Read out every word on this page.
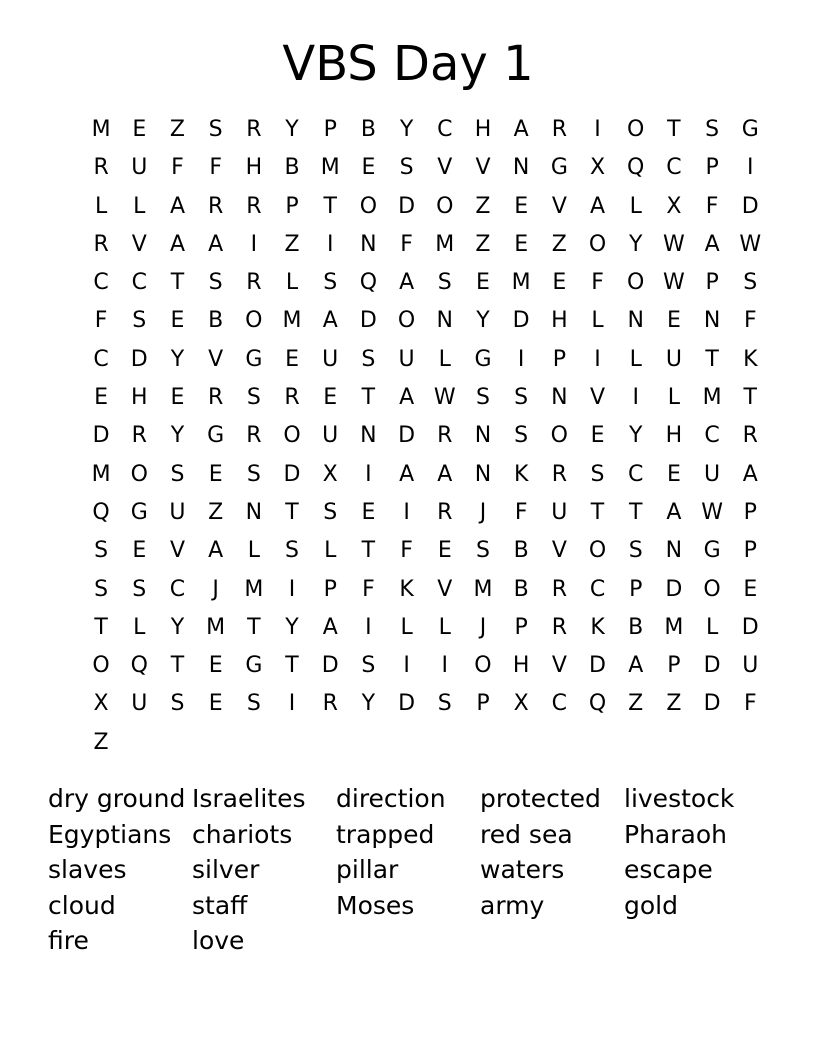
VBS Day 1
M E	Z	S	R	Y	P	B	Y	C	H	A	R	I	O	T	S	G
R	U	F	F	H	B M E	S	V	V	N G	X Q C	P	I
L	L	A	R	R	P	T	O D O Z	E	V	A	L	X	F	D
R	V	A	A	I	Z	I	N	F	M Z	E	Z O	Y W A W
C	C	T	S	R	L	S	Q	A	S	E M E	F	O W P	S
F	S	E	B O M A	D O N	Y	D H	L	N	E	N	F
C	D	Y	V	G	E	U	S	U	L	G	I	P	I	L	U	T	K
E	H	E	R	S	R	E	T	A W S	S	N	V	I	L	M T
D	R	Y	G	R O U N D	R	N	S	O	E	Y	H	C	R
M O	S	E	S	D	X	I	A	A	N	K	R	S	C	E	U	A
Q G U	Z	N	T	S	E	I	R	J	F	U	T	T	A W P
S	E	V	A	L	S	L	T	F	E	S	B	V O	S	N G	P
S	S	C	J	M	I	P	F	K	V M B	R	C	P	D O	E
T	L	Y M T	Y	A	I	L	L	J	P	R	K	B M	L	D
O Q	T	E	G	T	D	S	I	I	O H	V	D	A	P	D U
X	U	S	E	S	I	R	Y	D	S	P	X	C Q Z	Z	D	F
Z
dry ground Israelites	direction	protected livestock
Egyptians chariots	trapped	red sea	Pharaoh
slaves	silver	pillar	waters	escape
cloud	staff	Moses	army	gold
fire	love
